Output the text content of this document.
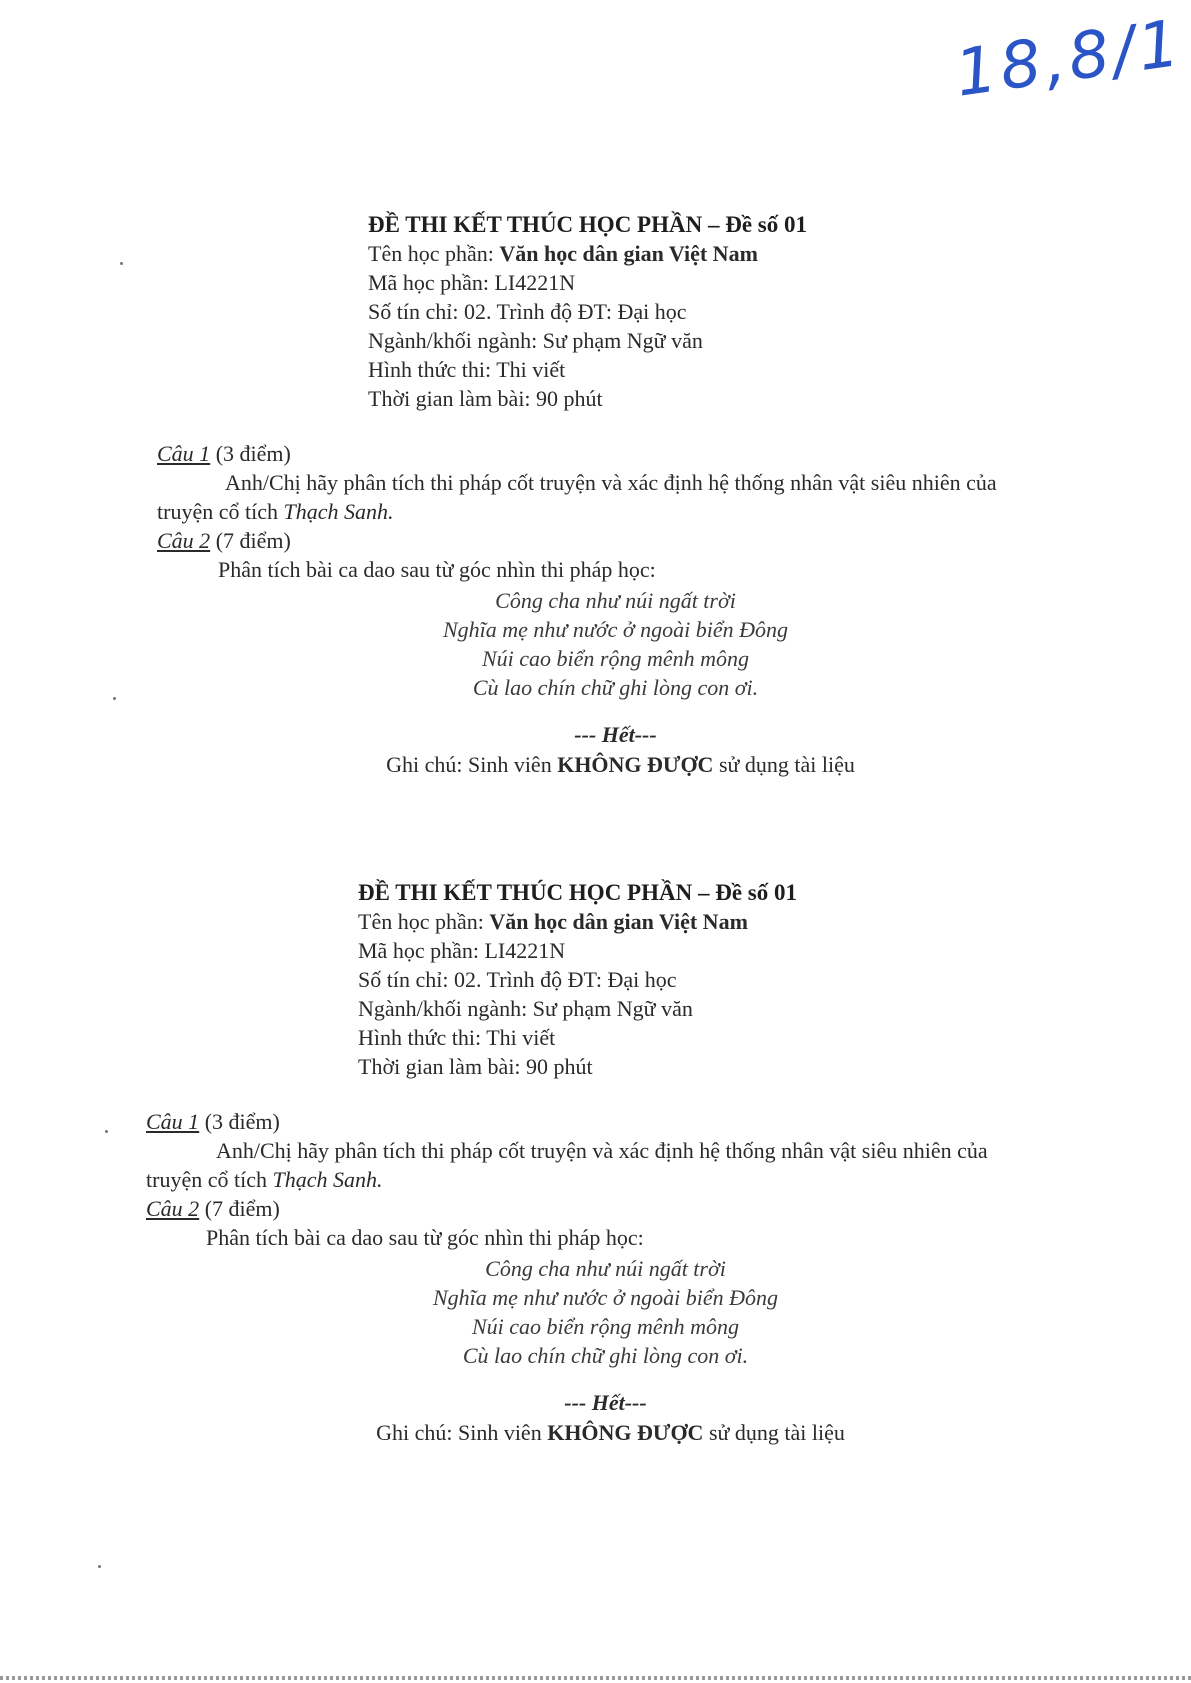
18,8/1
ĐỀ THI KẾT THÚC HỌC PHẦN – Đề số 01
Tên học phần: Văn học dân gian Việt Nam
Mã học phần: LI4221N
Số tín chỉ: 02. Trình độ ĐT: Đại học
Ngành/khối ngành: Sư phạm Ngữ văn
Hình thức thi: Thi viết
Thời gian làm bài: 90 phút
Câu 1 (3 điểm)
Anh/Chị hãy phân tích thi pháp cốt truyện và xác định hệ thống nhân vật siêu nhiên của truyện cổ tích Thạch Sanh.
Câu 2 (7 điểm)
Phân tích bài ca dao sau từ góc nhìn thi pháp học:
Công cha như núi ngất trời
Nghĩa mẹ như nước ở ngoài biển Đông
Núi cao biển rộng mênh mông
Cù lao chín chữ ghi lòng con ơi.
--- Hết---
Ghi chú: Sinh viên KHÔNG ĐƯỢC sử dụng tài liệu
ĐỀ THI KẾT THÚC HỌC PHẦN – Đề số 01
Tên học phần: Văn học dân gian Việt Nam
Mã học phần: LI4221N
Số tín chỉ: 02. Trình độ ĐT: Đại học
Ngành/khối ngành: Sư phạm Ngữ văn
Hình thức thi: Thi viết
Thời gian làm bài: 90 phút
Câu 1 (3 điểm)
Anh/Chị hãy phân tích thi pháp cốt truyện và xác định hệ thống nhân vật siêu nhiên của truyện cổ tích Thạch Sanh.
Câu 2 (7 điểm)
Phân tích bài ca dao sau từ góc nhìn thi pháp học:
Công cha như núi ngất trời
Nghĩa mẹ như nước ở ngoài biển Đông
Núi cao biển rộng mênh mông
Cù lao chín chữ ghi lòng con ơi.
--- Hết---
Ghi chú: Sinh viên KHÔNG ĐƯỢC sử dụng tài liệu
